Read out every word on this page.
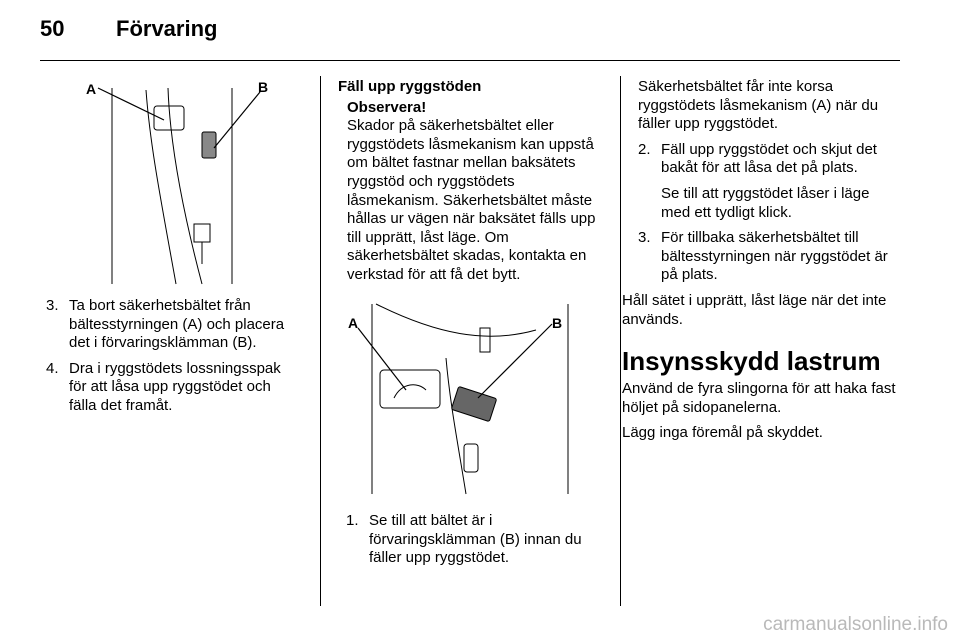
50 Förvaring
A	B
3. Ta bort säkerhetsbältet från bältesstyrningen (A) och placera det i förvaringsklämman (B).
4. Dra i ryggstödets lossningsspak för att låsa upp ryggstödet och fälla det framåt.
Fäll upp ryggstöden
Observera!

Skador på säkerhetsbältet eller ryggstödets låsmekanism kan uppstå om bältet fastnar mellan baksätets ryggstöd och ryggstödets låsmekanism. Säkerhetsbältet måste hållas ur vägen när baksätet fälls upp till upprätt, låst läge. Om säkerhetsbältet skadas, kontakta en verkstad för att få det bytt.

A	B
1. Se till att bältet är i förvaringsklämman (B) innan du fäller upp ryggstödet.

Säkerhetsbältet får inte korsa ryggstödets låsmekanism (A) när du fäller upp ryggstödet.

2. Fäll upp ryggstödet och skjut det bakåt för att låsa det på plats.
Se till att ryggstödet låser i läge med ett tydligt klick.
3. För tillbaka säkerhetsbältet till bältesstyrningen när ryggstödet är på plats.

Håll sätet i upprätt, låst läge när det inte används.

Insynsskydd lastrum

Använd de fyra slingorna för att haka fast höljet på sidopanelerna.

Lägg inga föremål på skyddet.

carmanualsonline.info
